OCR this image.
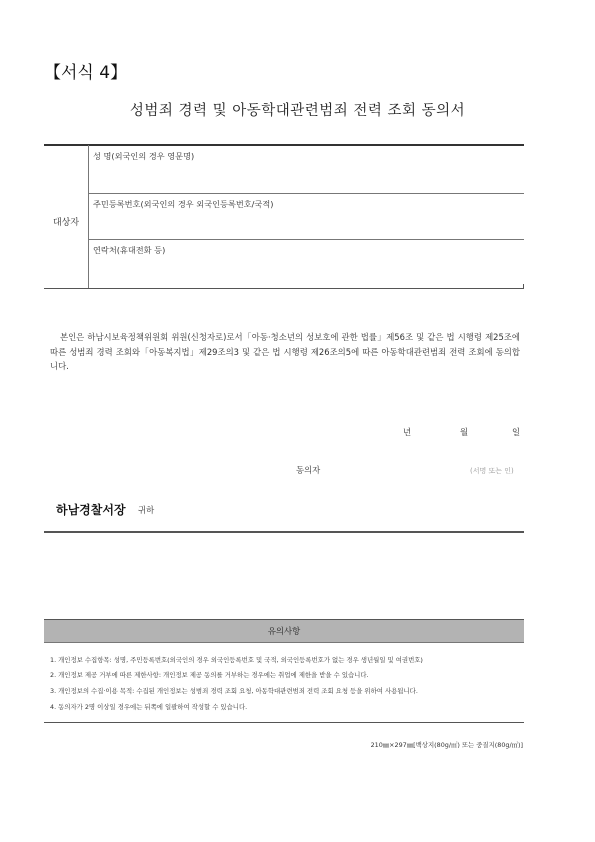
【서식 4】
성범죄 경력 및 아동학대관련범죄 전력 조회 동의서
대상자
성 명(외국인의 경우 영문명)
주민등록번호(외국인의 경우 외국인등록번호/국적)
연락처(휴대전화 등)
본인은 하남시보육정책위원회 위원(신청자로)로서「아동·청소년의 성보호에 관한 법률」제56조 및 같은 법 시행령 제25조에 따른 성범죄 경력 조회와「아동복지법」제29조의3 및 같은 법 시행령 제26조의5에 따른 아동학대관련범죄 전력 조회에 동의합니다.
년	월	일
동의자	(서명 또는 인)
하남경찰서장 귀하
유의사항
1. 개인정보 수집항목: 성명, 주민등록번호(외국인의 경우 외국인등록번호 및 국적, 외국인등록번호가 없는 경우 생년월일 및 여권번호)
2. 개인정보 제공 거부에 따른 제한사항: 개인정보 제공 동의를 거부하는 경우에는 취업에 제한을 받을 수 있습니다.
3. 개인정보의 수집·이용 목적: 수집된 개인정보는 성범죄 경력 조회 요청, 아동학대관련범죄 전력 조회 요청 등을 위하여 사용됩니다.
4. 동의자가 2명 이상일 경우에는 뒤쪽에 일괄하여 작성할 수 있습니다.
210㎜×297㎜[백상지(80g/㎡) 또는 중질지(80g/㎡)]
